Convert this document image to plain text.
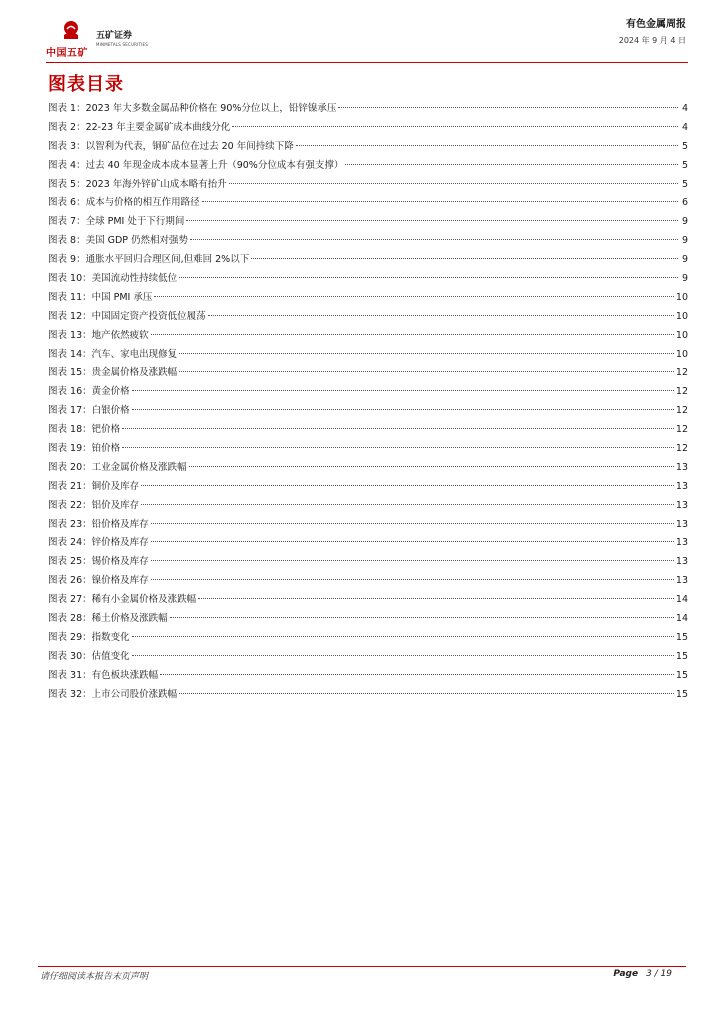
中国五矿
五矿证券
MINMETALS SECURITIES
有色金属周报
2024 年 9 月 4 日
图表目录
图表 1： 2023 年大多数金属品种价格在 90%分位以上，铅锌镍承压	4
图表 2： 22-23 年主要金属矿成本曲线分化	4
图表 3： 以智利为代表，铜矿品位在过去 20 年间持续下降	5
图表 4： 过去 40 年现金成本成本显著上升（90%分位成本有强支撑）	5
图表 5： 2023 年海外锌矿山成本略有抬升	5
图表 6： 成本与价格的相互作用路径	6
图表 7： 全球 PMI 处于下行期间	9
图表 8： 美国 GDP 仍然相对强势	9
图表 9： 通胀水平回归合理区间,但难回 2%以下	9
图表 10： 美国流动性持续低位	9
图表 11： 中国 PMI 承压	10
图表 12： 中国固定资产投资低位履荡	10
图表 13： 地产依然疲软	10
图表 14： 汽车、家电出现修复	10
图表 15： 贵金属价格及涨跌幅	12
图表 16： 黄金价格	12
图表 17： 白银价格	12
图表 18： 钯价格	12
图表 19： 铂价格	12
图表 20： 工业金属价格及涨跌幅	13
图表 21： 铜价及库存	13
图表 22： 铝价及库存	13
图表 23： 铅价格及库存	13
图表 24： 锌价格及库存	13
图表 25： 锡价格及库存	13
图表 26： 镍价格及库存	13
图表 27： 稀有小金属价格及涨跌幅	14
图表 28： 稀土价格及涨跌幅	14
图表 29： 指数变化	15
图表 30： 估值变化	15
图表 31： 有色板块涨跌幅	15
图表 32： 上市公司股价涨跌幅	15
请仔细阅读本报告末页声明	Page 3 / 19
